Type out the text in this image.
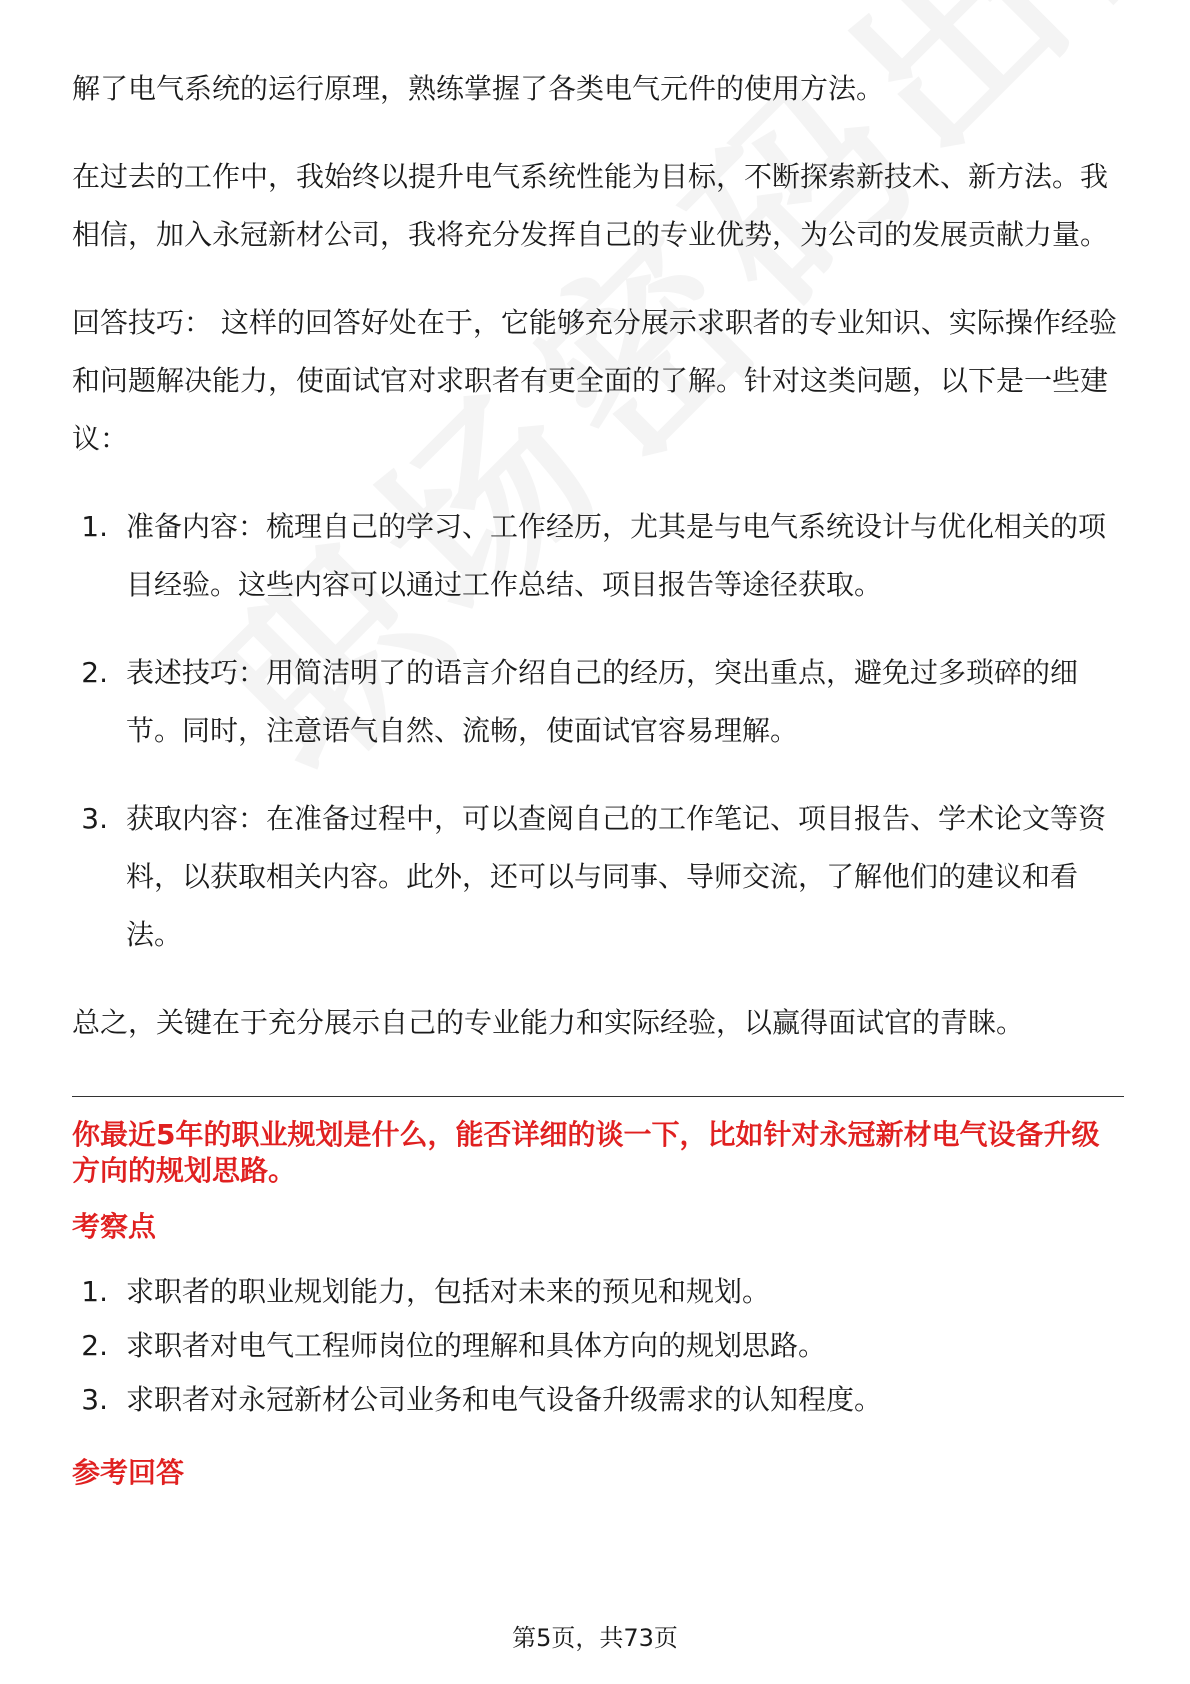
解了电气系统的运行原理，熟练掌握了各类电气元件的使用方法。

在过去的工作中，我始终以提升电气系统性能为目标，不断探索新技术、新方法。我相信，加入永冠新材公司，我将充分发挥自己的专业优势，为公司的发展贡献力量。

回答技巧： 这样的回答好处在于，它能够充分展示求职者的专业知识、实际操作经验和问题解决能力，使面试官对求职者有更全面的了解。针对这类问题，以下是一些建议：

1. 准备内容：梳理自己的学习、工作经历，尤其是与电气系统设计与优化相关的项目经验。这些内容可以通过工作总结、项目报告等途径获取。
2. 表述技巧：用简洁明了的语言介绍自己的经历，突出重点，避免过多琐碎的细节。同时，注意语气自然、流畅，使面试官容易理解。
3. 获取内容：在准备过程中，可以查阅自己的工作笔记、项目报告、学术论文等资料，以获取相关内容。此外，还可以与同事、导师交流，了解他们的建议和看法。

总之，关键在于充分展示自己的专业能力和实际经验，以赢得面试官的青睐。

你最近5年的职业规划是什么，能否详细的谈一下，比如针对永冠新材电气设备升级方向的规划思路。

考察点

1. 求职者的职业规划能力，包括对未来的预见和规划。
2. 求职者对电气工程师岗位的理解和具体方向的规划思路。
3. 求职者对永冠新材公司业务和电气设备升级需求的认知程度。

参考回答

第5页，共73页
